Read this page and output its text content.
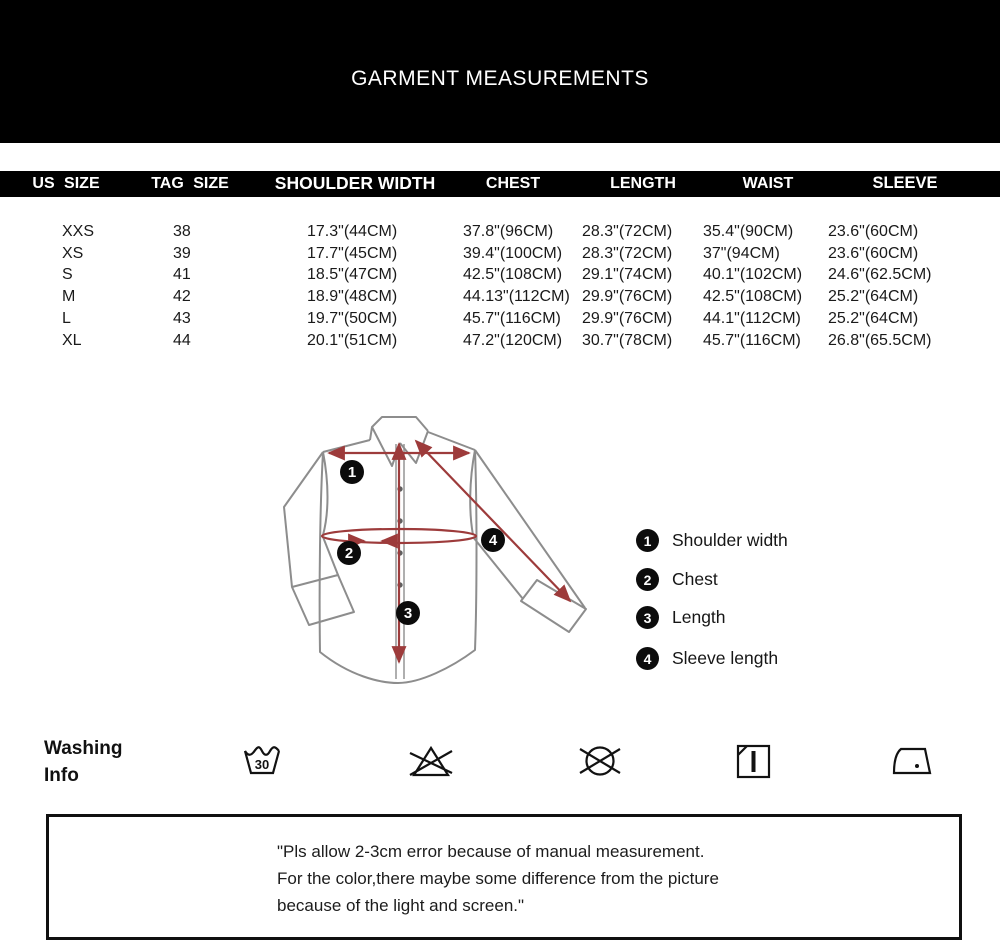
GARMENT MEASUREMENTS
US SIZE	TAG SIZE	SHOULDER WIDTH	CHEST	LENGTH	WAIST	SLEEVE
XXS	38	17.3"(44CM)	37.8"(96CM) 28.3"(72CM) 35.4"(90CM) 23.6"(60CM)
XS	39	17.7"(45CM)	39.4"(100CM) 28.3"(72CM) 37"(94CM)	23.6"(60CM)
S	41	18.5"(47CM)	42.5"(108CM) 29.1"(74CM) 40.1"(102CM) 24.6"(62.5CM)
M	42	18.9"(48CM)	44.13"(112CM) 29.9"(76CM) 42.5"(108CM) 25.2"(64CM)
L	43	19.7"(50CM)	45.7"(116CM) 29.9"(76CM) 44.1"(112CM) 25.2"(64CM)
XL	44	20.1"(51CM)	47.2"(120CM) 30.7"(78CM) 45.7"(116CM) 26.8"(65.5CM)
1
2
3
4	1	Shoulder width
2	Chest
3	Length
4	Sleeve length
Washing Info
30

"Pls allow 2-3cm error because of manual measurement.

For the color,there maybe some difference from the picture

because of the light and screen."
